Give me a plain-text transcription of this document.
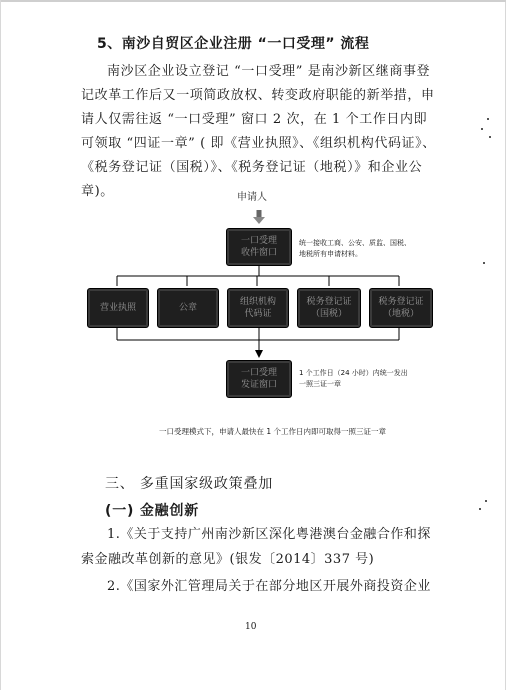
5、南沙自贸区企业注册 “一口受理” 流程
南沙区企业设立登记 “一口受理” 是南沙新区继商事登记改革工作后又一项简政放权、转变政府职能的新举措，申请人仅需往返 “一口受理” 窗口 2 次，在 1 个工作日内即可领取 “四证一章” ( 即《营业执照》、《组织机构代码证》、《税务登记证（国税）》、《税务登记证（地税）》和企业公章)。	申请人
一口受理
收件窗口
统一接收工商、公安、质监、国税、地税所有申请材料。
营业执照	公章
组织机构
代码证
税务登记证
（国税）
税务登记证
（地税）
一口受理
发证窗口
1 个工作日（24 小时）内统一发出一照三证一章
一口受理模式下，申请人最快在 1 个工作日内即可取得一照三证一章
三、 多重国家级政策叠加
(一) 金融创新
1.《关于支持广州南沙新区深化粤港澳台金融合作和探索金融改革创新的意见》(银发〔2014〕337 号)
2.《国家外汇管理局关于在部分地区开展外商投资企业
10
